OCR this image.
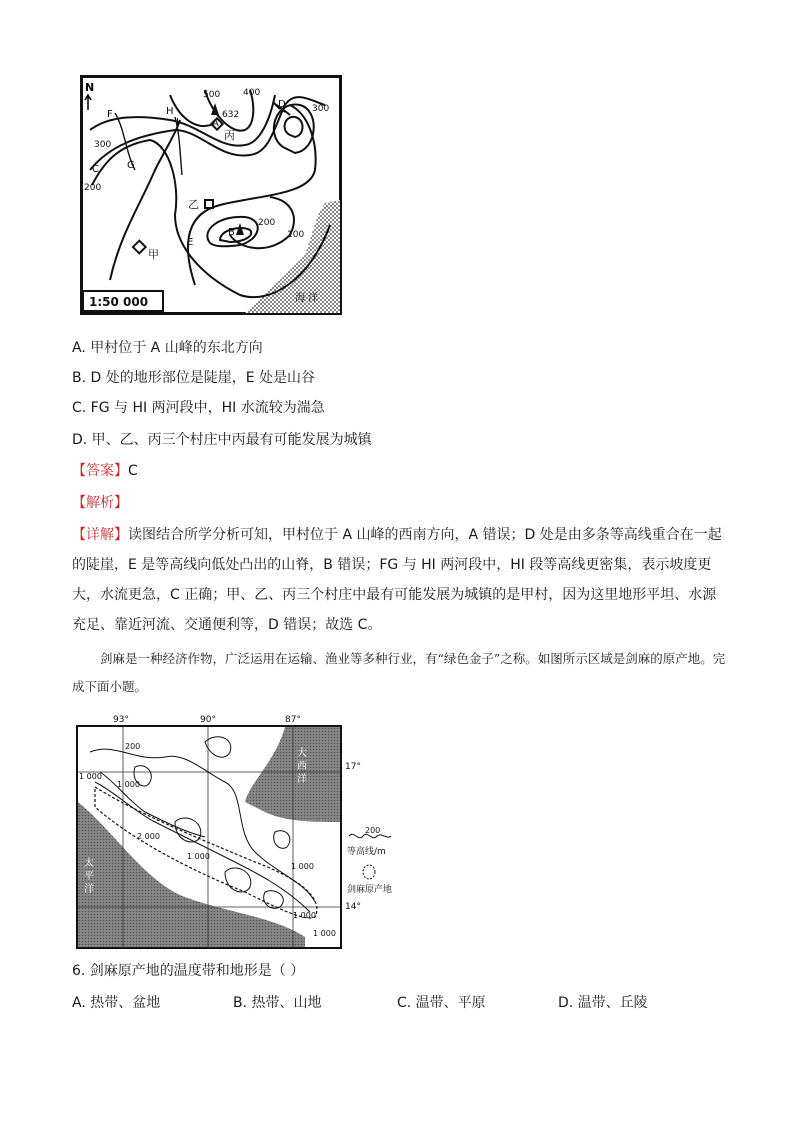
N
500
632
400
300
300
200
200
100
F	H
I
D
C	G
E
B
A
丙
乙
甲
海 洋
1:50 000
A. 甲村位于 A 山峰的东北方向
B. D 处的地形部位是陡崖，E 处是山谷
C. FG 与 HI 两河段中，HI 水流较为湍急
D. 甲、乙、丙三个村庄中丙最有可能发展为城镇
【答案】C
【解析】
【详解】读图结合所学分析可知，甲村位于 A 山峰的西南方向，A 错误；D 处是由多条等高线重合在一起的陡崖，E 是等高线向低处凸出的山脊，B 错误；FG 与 HI 两河段中，HI 段等高线更密集，表示坡度更大，水流更急，C 正确；甲、乙、丙三个村庄中最有可能发展为城镇的是甲村，因为这里地形平坦、水源充足、靠近河流、交通便利等，D 错误；故选 C。
剑麻是一种经济作物，广泛运用在运输、渔业等多种行业，有“绿色金子”之称。如图所示区域是剑麻的原产地。完成下面小题。
93°	90°	87°
200
1 000
1 000
2 000
1 000
1 000
1 000
1 000
大 西 洋
太 平 洋
17°
14°
200
等高线/m
剑麻原产地
6. 剑麻原产地的温度带和地形是（ ）
A. 热带、盆地	B. 热带、山地	C. 温带、平原	D. 温带、丘陵
